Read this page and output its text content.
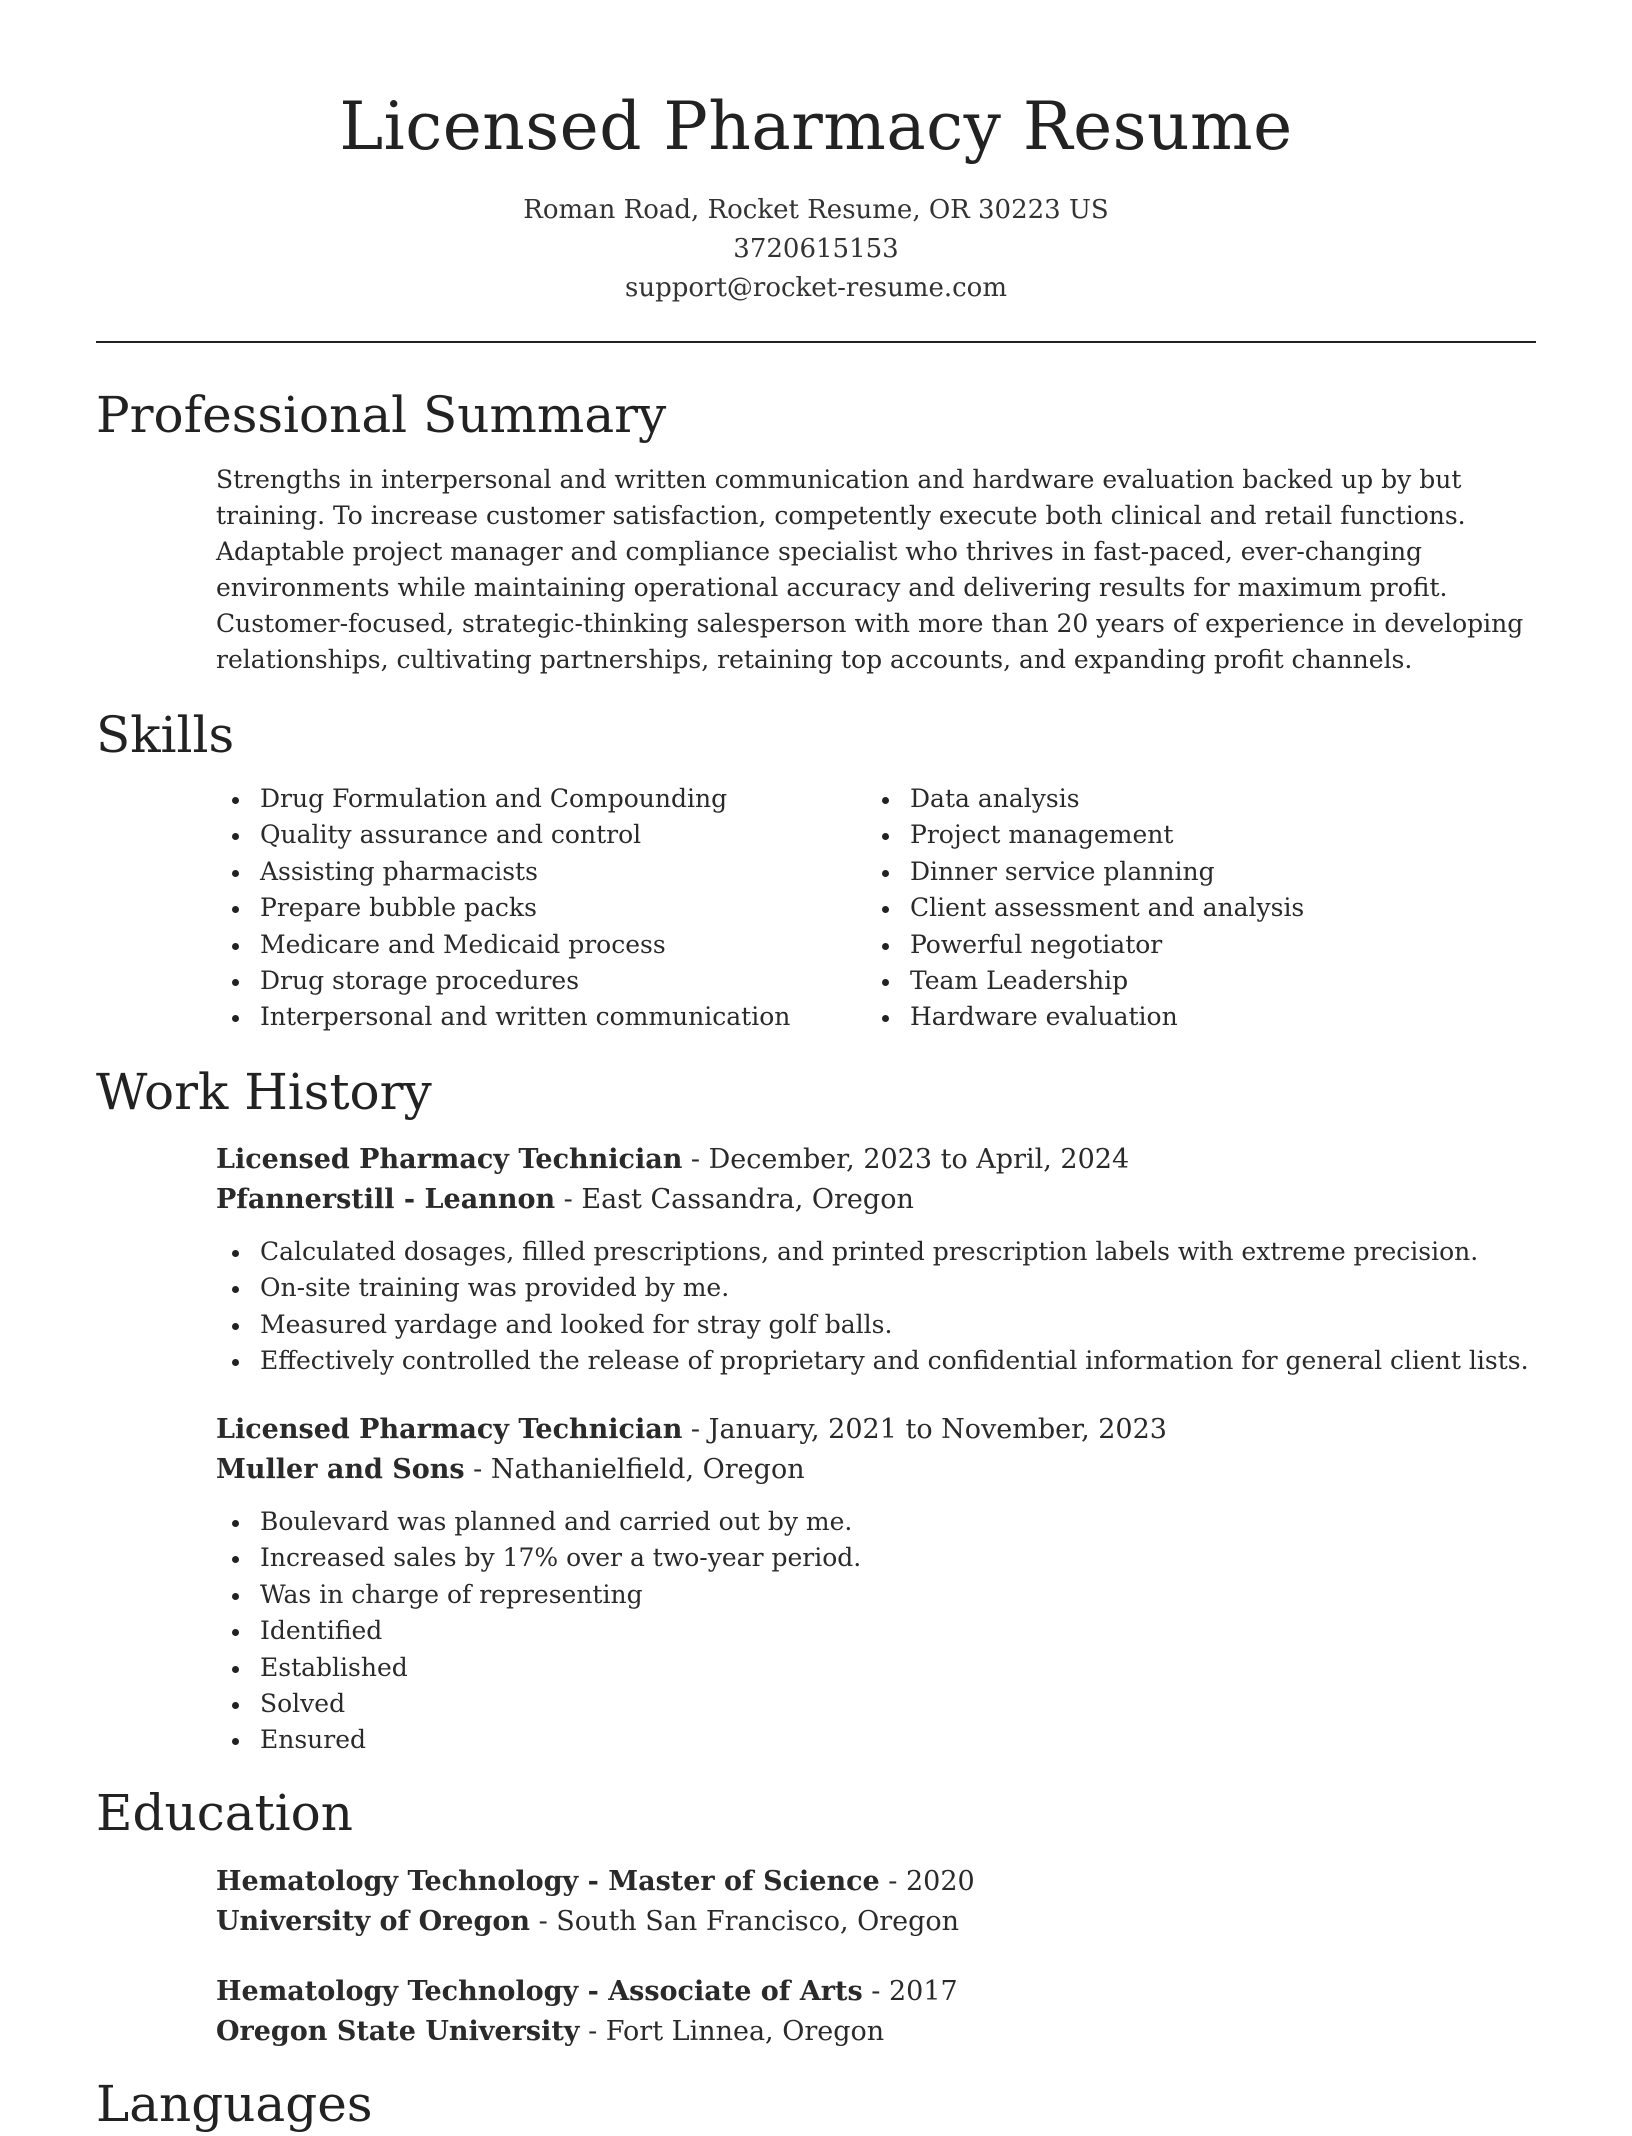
Licensed Pharmacy Resume
Roman Road, Rocket Resume, OR 30223 US
3720615153
support@rocket-resume.com
Professional Summary
Strengths in interpersonal and written communication and hardware evaluation backed up by but training. To increase customer satisfaction, competently execute both clinical and retail functions. Adaptable project manager and compliance specialist who thrives in fast-paced, ever-changing environments while maintaining operational accuracy and delivering results for maximum profit. Customer-focused, strategic-thinking salesperson with more than 20 years of experience in developing relationships, cultivating partnerships, retaining top accounts, and expanding profit channels.
Skills
Drug Formulation and Compounding
Quality assurance and control
Assisting pharmacists
Prepare bubble packs
Medicare and Medicaid process
Drug storage procedures
Interpersonal and written communication
Data analysis
Project management
Dinner service planning
Client assessment and analysis
Powerful negotiator
Team Leadership
Hardware evaluation
Work History
Licensed Pharmacy Technician - December, 2023 to April, 2024
Pfannerstill - Leannon - East Cassandra, Oregon
Calculated dosages, filled prescriptions, and printed prescription labels with extreme precision.
On-site training was provided by me.
Measured yardage and looked for stray golf balls.
Effectively controlled the release of proprietary and confidential information for general client lists.
Licensed Pharmacy Technician - January, 2021 to November, 2023
Muller and Sons - Nathanielfield, Oregon
Boulevard was planned and carried out by me.
Increased sales by 17% over a two-year period.
Was in charge of representing
Identified
Established
Solved
Ensured
Education
Hematology Technology - Master of Science - 2020
University of Oregon - South San Francisco, Oregon
Hematology Technology - Associate of Arts - 2017
Oregon State University - Fort Linnea, Oregon
Languages
